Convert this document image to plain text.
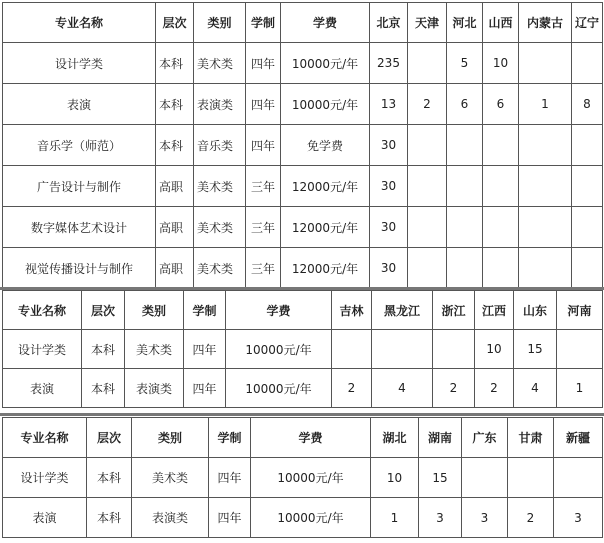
专业名称	层次	类别	学制	学费	北京	天津	河北	山西	内蒙古	辽宁
设计学类	本科	美术类	四年	10000元/年	235		5	10		
表演	本科	表演类	四年	10000元/年	13	2	6	6	1	8
音乐学（师范）	本科	音乐类	四年	免学费	30					
广告设计与制作	高职	美术类	三年	12000元/年	30					
数字媒体艺术设计	高职	美术类	三年	12000元/年	30					
视觉传播设计与制作	高职	美术类	三年	12000元/年	30					
专业名称	层次	类别	学制	学费	吉林	黑龙江	浙江	江西	山东	河南
设计学类	本科	美术类	四年	10000元/年				10	15	
表演	本科	表演类	四年	10000元/年	2	4	2	2	4	1
专业名称	层次	类别	学制	学费	湖北	湖南	广东	甘肃	新疆
设计学类	本科	美术类	四年	10000元/年	10	15			
表演	本科	表演类	四年	10000元/年	1	3	3	2	3
